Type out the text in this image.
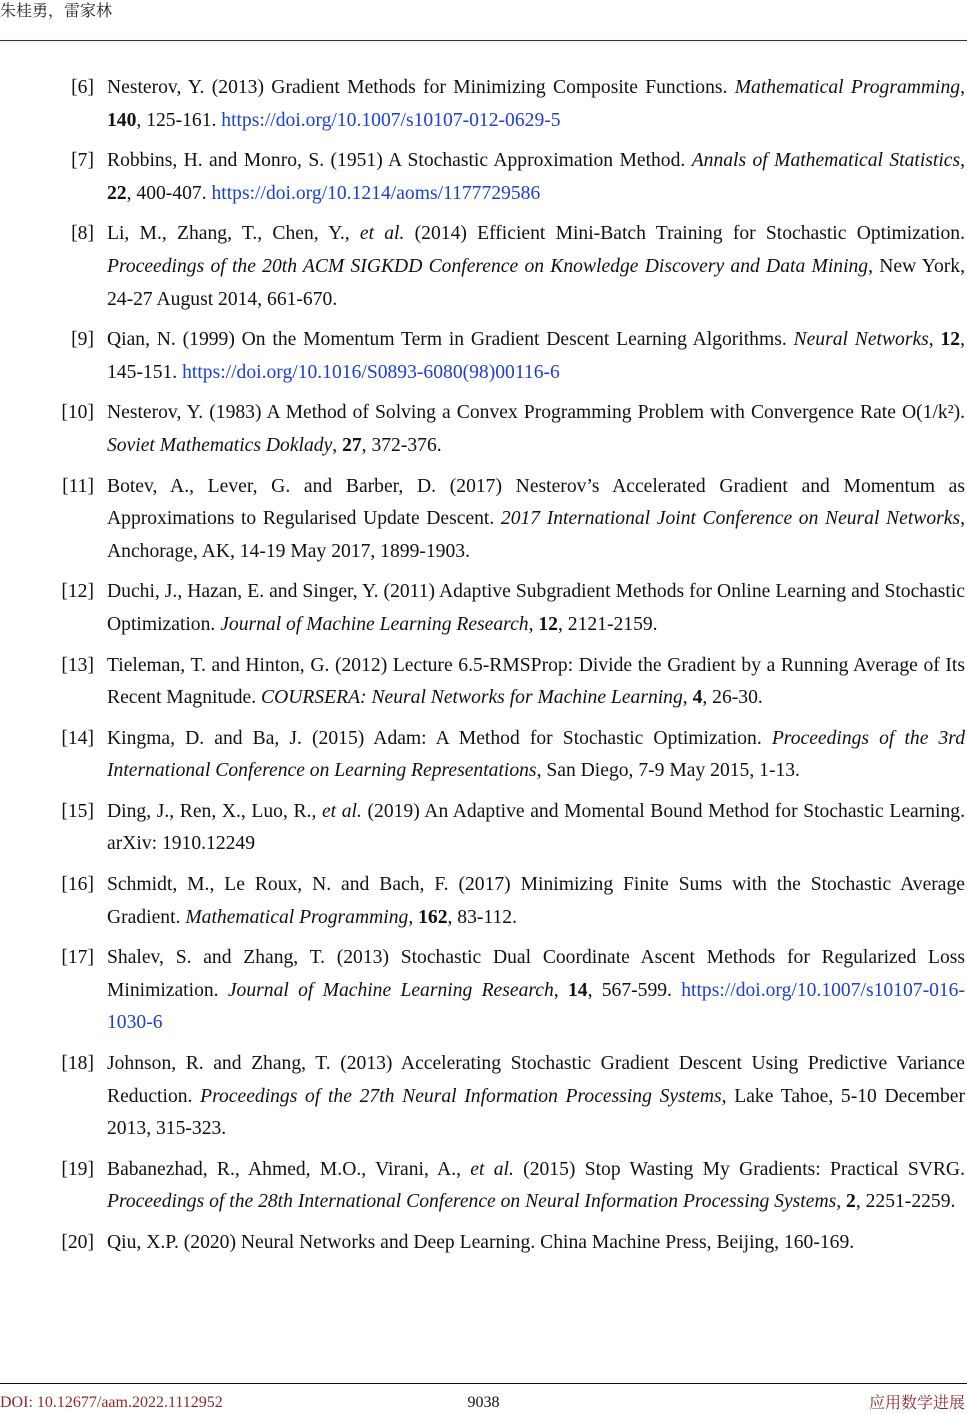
朱桂勇，雷家林
[6] Nesterov, Y. (2013) Gradient Methods for Minimizing Composite Functions. Mathematical Programming, 140, 125-161. https://doi.org/10.1007/s10107-012-0629-5
[7] Robbins, H. and Monro, S. (1951) A Stochastic Approximation Method. Annals of Mathematical Statistics, 22, 400-407. https://doi.org/10.1214/aoms/1177729586
[8] Li, M., Zhang, T., Chen, Y., et al. (2014) Efficient Mini-Batch Training for Stochastic Optimization. Proceedings of the 20th ACM SIGKDD Conference on Knowledge Discovery and Data Mining, New York, 24-27 August 2014, 661-670.
[9] Qian, N. (1999) On the Momentum Term in Gradient Descent Learning Algorithms. Neural Networks, 12, 145-151. https://doi.org/10.1016/S0893-6080(98)00116-6
[10] Nesterov, Y. (1983) A Method of Solving a Convex Programming Problem with Convergence Rate O(1/k²). Soviet Mathematics Doklady, 27, 372-376.
[11] Botev, A., Lever, G. and Barber, D. (2017) Nesterov’s Accelerated Gradient and Momentum as Approximations to Regularised Update Descent. 2017 International Joint Conference on Neural Networks, Anchorage, AK, 14-19 May 2017, 1899-1903.
[12] Duchi, J., Hazan, E. and Singer, Y. (2011) Adaptive Subgradient Methods for Online Learning and Stochastic Optimization. Journal of Machine Learning Research, 12, 2121-2159.
[13] Tieleman, T. and Hinton, G. (2012) Lecture 6.5-RMSProp: Divide the Gradient by a Running Average of Its Recent Magnitude. COURSERA: Neural Networks for Machine Learning, 4, 26-30.
[14] Kingma, D. and Ba, J. (2015) Adam: A Method for Stochastic Optimization. Proceedings of the 3rd International Conference on Learning Representations, San Diego, 7-9 May 2015, 1-13.
[15] Ding, J., Ren, X., Luo, R., et al. (2019) An Adaptive and Momental Bound Method for Stochastic Learning. arXiv: 1910.12249
[16] Schmidt, M., Le Roux, N. and Bach, F. (2017) Minimizing Finite Sums with the Stochastic Average Gradient. Mathematical Programming, 162, 83-112.
[17] Shalev, S. and Zhang, T. (2013) Stochastic Dual Coordinate Ascent Methods for Regularized Loss Minimization. Journal of Machine Learning Research, 14, 567-599. https://doi.org/10.1007/s10107-016-1030-6
[18] Johnson, R. and Zhang, T. (2013) Accelerating Stochastic Gradient Descent Using Predictive Variance Reduction. Proceedings of the 27th Neural Information Processing Systems, Lake Tahoe, 5-10 December 2013, 315-323.
[19] Babanezhad, R., Ahmed, M.O., Virani, A., et al. (2015) Stop Wasting My Gradients: Practical SVRG. Proceedings of the 28th International Conference on Neural Information Processing Systems, 2, 2251-2259.
[20] Qiu, X.P. (2020) Neural Networks and Deep Learning. China Machine Press, Beijing, 160-169.
DOI: 10.12677/aam.2022.1112952	9038	应用数学进展
